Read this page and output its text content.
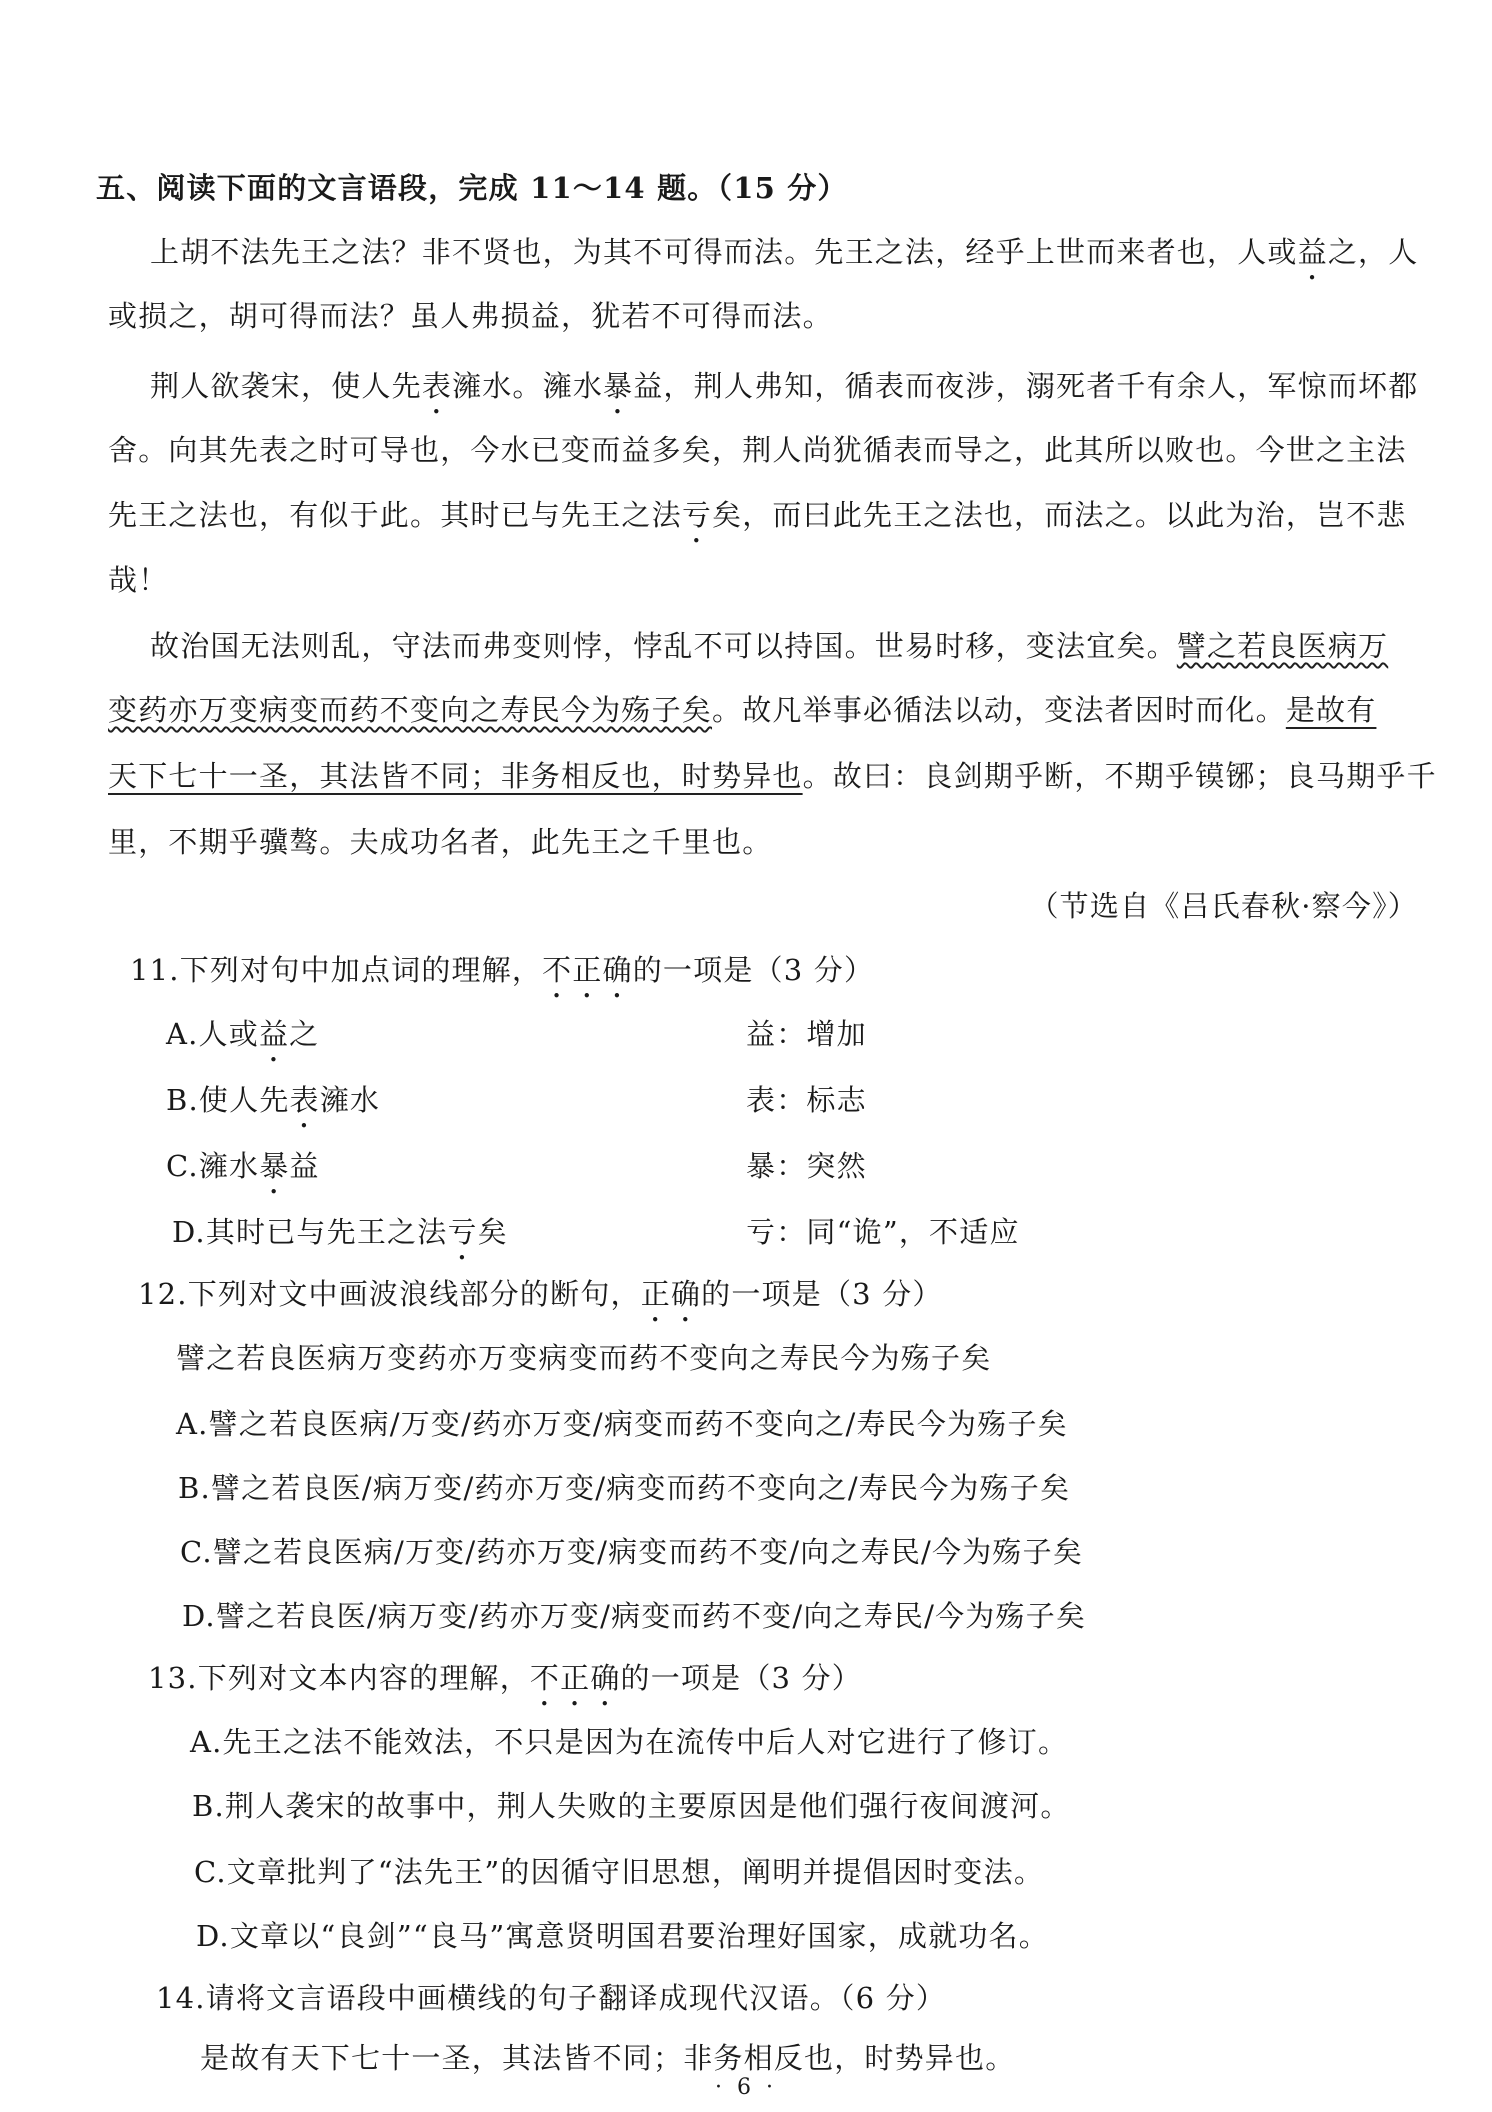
五、阅读下面的文言语段，完成 11～14 题。（15 分）
上胡不法先王之法？非不贤也，为其不可得而法。先王之法，经乎上世而来者也，人或益之，人
或损之，胡可得而法？虽人弗损益，犹若不可得而法。
荆人欲袭宋，使人先表澭水。澭水暴益，荆人弗知，循表而夜涉，溺死者千有余人，军惊而坏都
舍。向其先表之时可导也，今水已变而益多矣，荆人尚犹循表而导之，此其所以败也。今世之主法
先王之法也，有似于此。其时已与先王之法亏矣，而曰此先王之法也，而法之。以此为治，岂不悲
哉！
故治国无法则乱，守法而弗变则悖，悖乱不可以持国。世易时移，变法宜矣。譬之若良医病万
变药亦万变病变而药不变向之寿民今为殇子矣。故凡举事必循法以动，变法者因时而化。是故有
天下七十一圣，其法皆不同；非务相反也，时势异也。故曰：良剑期乎断，不期乎镆铘；良马期乎千
里，不期乎骥骜。夫成功名者，此先王之千里也。
（节选自《吕氏春秋·察今》）
11.下列对句中加点词的理解，不正确的一项是（3 分）
A.人或益之	益：增加
B.使人先表澭水	表：标志
C.澭水暴益	暴：突然
D.其时已与先王之法亏矣	亏：同“诡”，不适应
12.下列对文中画波浪线部分的断句，正确的一项是（3 分）
譬之若良医病万变药亦万变病变而药不变向之寿民今为殇子矣
A.譬之若良医病/万变/药亦万变/病变而药不变向之/寿民今为殇子矣
B.譬之若良医/病万变/药亦万变/病变而药不变向之/寿民今为殇子矣
C.譬之若良医病/万变/药亦万变/病变而药不变/向之寿民/今为殇子矣
D.譬之若良医/病万变/药亦万变/病变而药不变/向之寿民/今为殇子矣
13.下列对文本内容的理解，不正确的一项是（3 分）
A.先王之法不能效法，不只是因为在流传中后人对它进行了修订。
B.荆人袭宋的故事中，荆人失败的主要原因是他们强行夜间渡河。
C.文章批判了“法先王”的因循守旧思想，阐明并提倡因时变法。
D.文章以“良剑”“良马”寓意贤明国君要治理好国家，成就功名。
14.请将文言语段中画横线的句子翻译成现代汉语。（6 分）
是故有天下七十一圣，其法皆不同；非务相反也，时势异也。
· 6 ·
